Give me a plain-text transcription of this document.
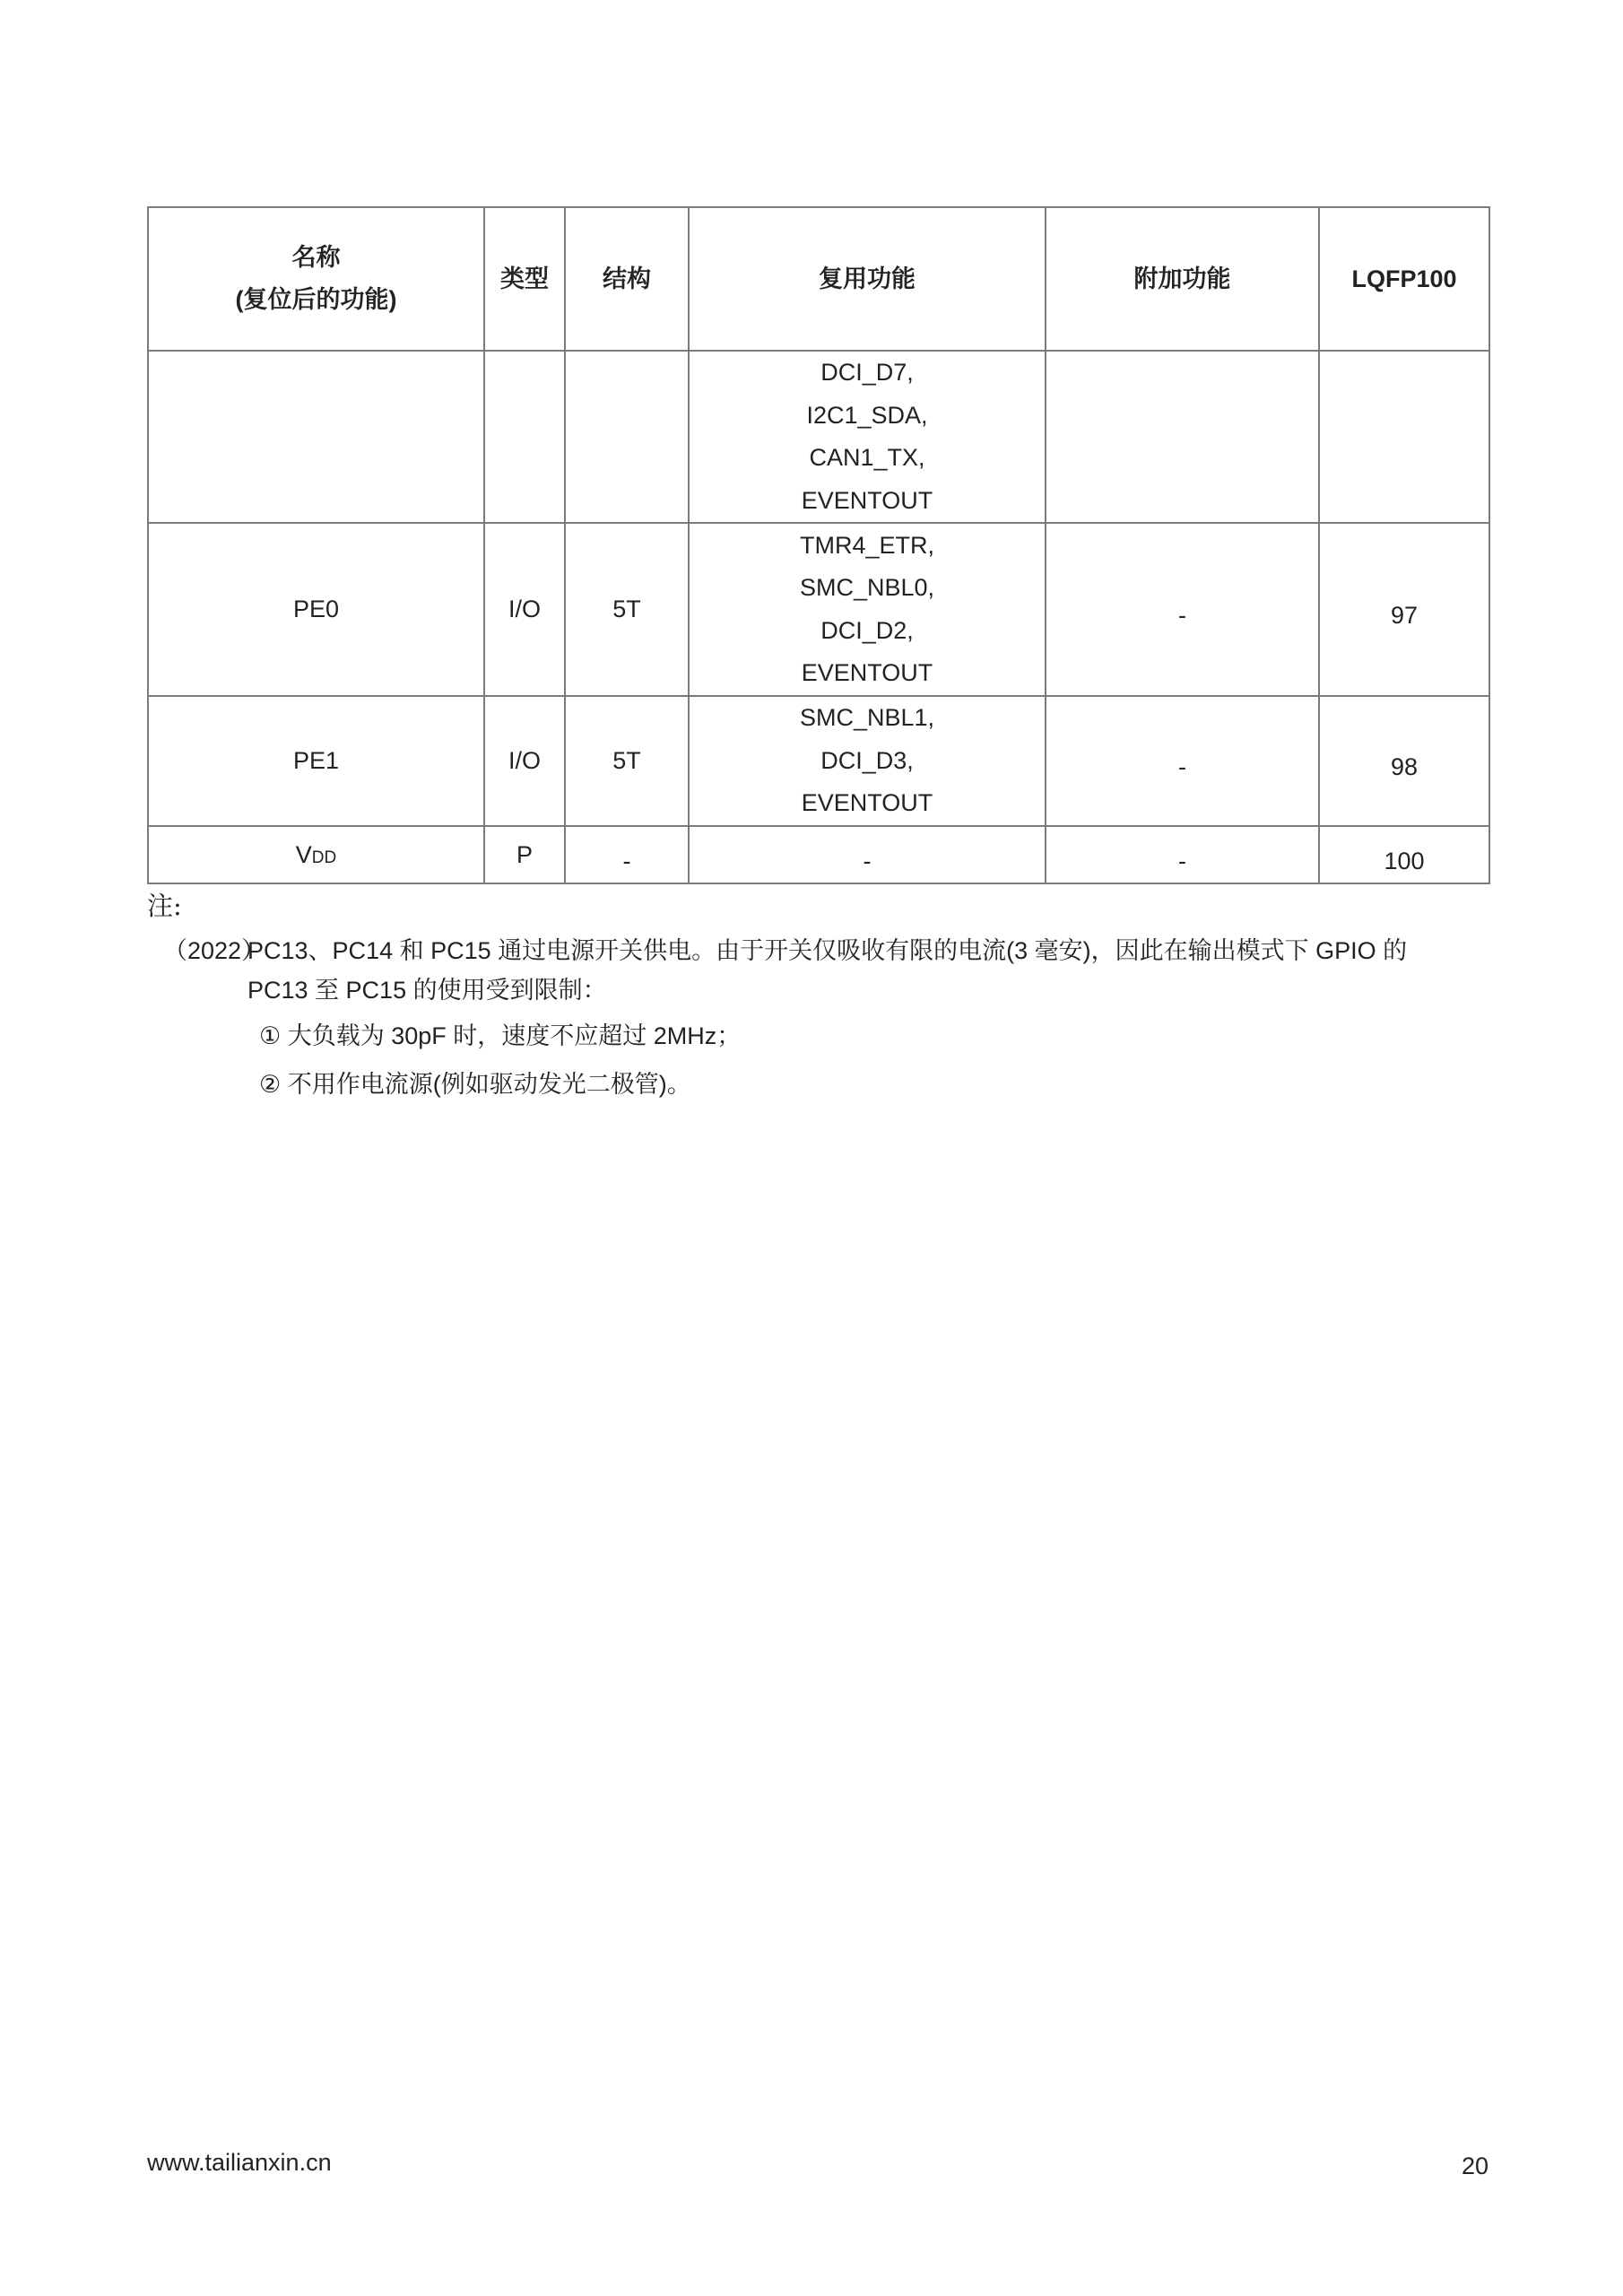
名称
(复位后的功能)	类型	结构	复用功能	附加功能	LQFP100

			DCI_D7,
I2C1_SDA,
CAN1_TX,
EVENTOUT		

PE0	I/O	5T	TMR4_ETR,
SMC_NBL0,
DCI_D2,
EVENTOUT	-	97
PE1	I/O	5T	SMC_NBL1,
DCI_D3,
EVENTOUT	-	98
VDD	P	-	-	-	100
注:
（2022）
PC13、PC14 和 PC15 通过电源开关供电。由于开关仅吸收有限的电流(3 毫安)，因此在输出模式下 GPIO 的
PC13 至 PC15 的使用受到限制：
① 大负载为 30pF 时，速度不应超过 2MHz；
② 不用作电流源(例如驱动发光二极管)。
www.tailianxin.cn	20
